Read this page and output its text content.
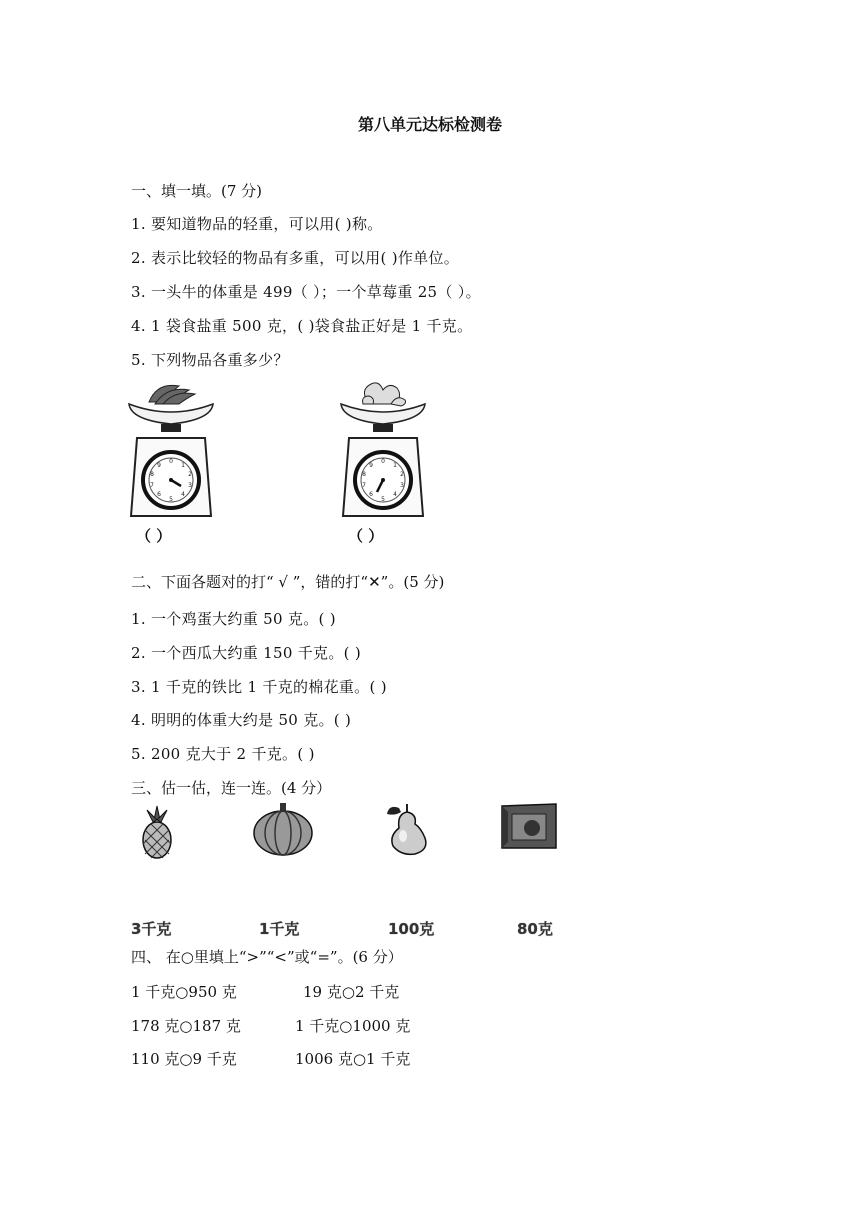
第八单元达标检测卷
一、填一填。(7 分)
1. 要知道物品的轻重，可以用( )称。
2. 表示比较轻的物品有多重，可以用( )作单位。
3. 一头牛的体重是 499（ ）；一个草莓重 25（ ）。
4. 1 袋食盐重 500 克，( )袋食盐正好是 1 千克。
5. 下列物品各重多少？
0
1
2
3
4
5
6
7
8
9
（ ）
0
1
2
3
4
5
6
7
8
9
（ ）
二、下面各题对的打“ √ ”，错的打“✕”。(5 分)
1. 一个鸡蛋大约重 50 克。( )
2. 一个西瓜大约重 150 千克。( )
3. 1 千克的铁比 1 千克的棉花重。( )
4. 明明的体重大约是 50 克。( )
5. 200 克大于 2 千克。( )
三、估一估，连一连。(4 分）
3千克	1千克	100克	80克
四、 在○里填上“>”“<”或“=”。(6 分）
1 千克○950 克	19 克○2 千克
178 克○187 克	1 千克○1000 克
110 克○9 千克	1006 克○1 千克
